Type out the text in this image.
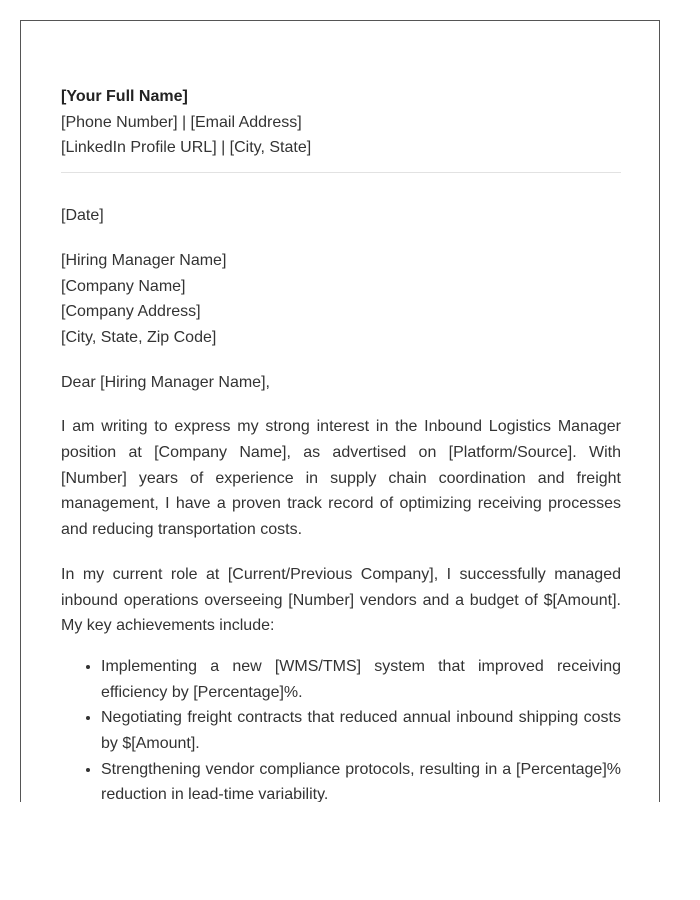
[Your Full Name]
[Phone Number] | [Email Address]
[LinkedIn Profile URL] | [City, State]
[Date]
[Hiring Manager Name]
[Company Name]
[Company Address]
[City, State, Zip Code]
Dear [Hiring Manager Name],

I am writing to express my strong interest in the Inbound Logistics Manager position at [Company Name], as advertised on [Platform/Source]. With [Number] years of experience in supply chain coordination and freight management, I have a proven track record of optimizing receiving processes and reducing transportation costs.

In my current role at [Current/Previous Company], I successfully managed inbound operations overseeing [Number] vendors and a budget of $[Amount]. My key achievements include:

• Implementing a new [WMS/TMS] system that improved receiving efficiency by [Percentage]%.
• Negotiating freight contracts that reduced annual inbound shipping costs by $[Amount].
• Strengthening vendor compliance protocols, resulting in a [Percentage]% reduction in lead-time variability.
